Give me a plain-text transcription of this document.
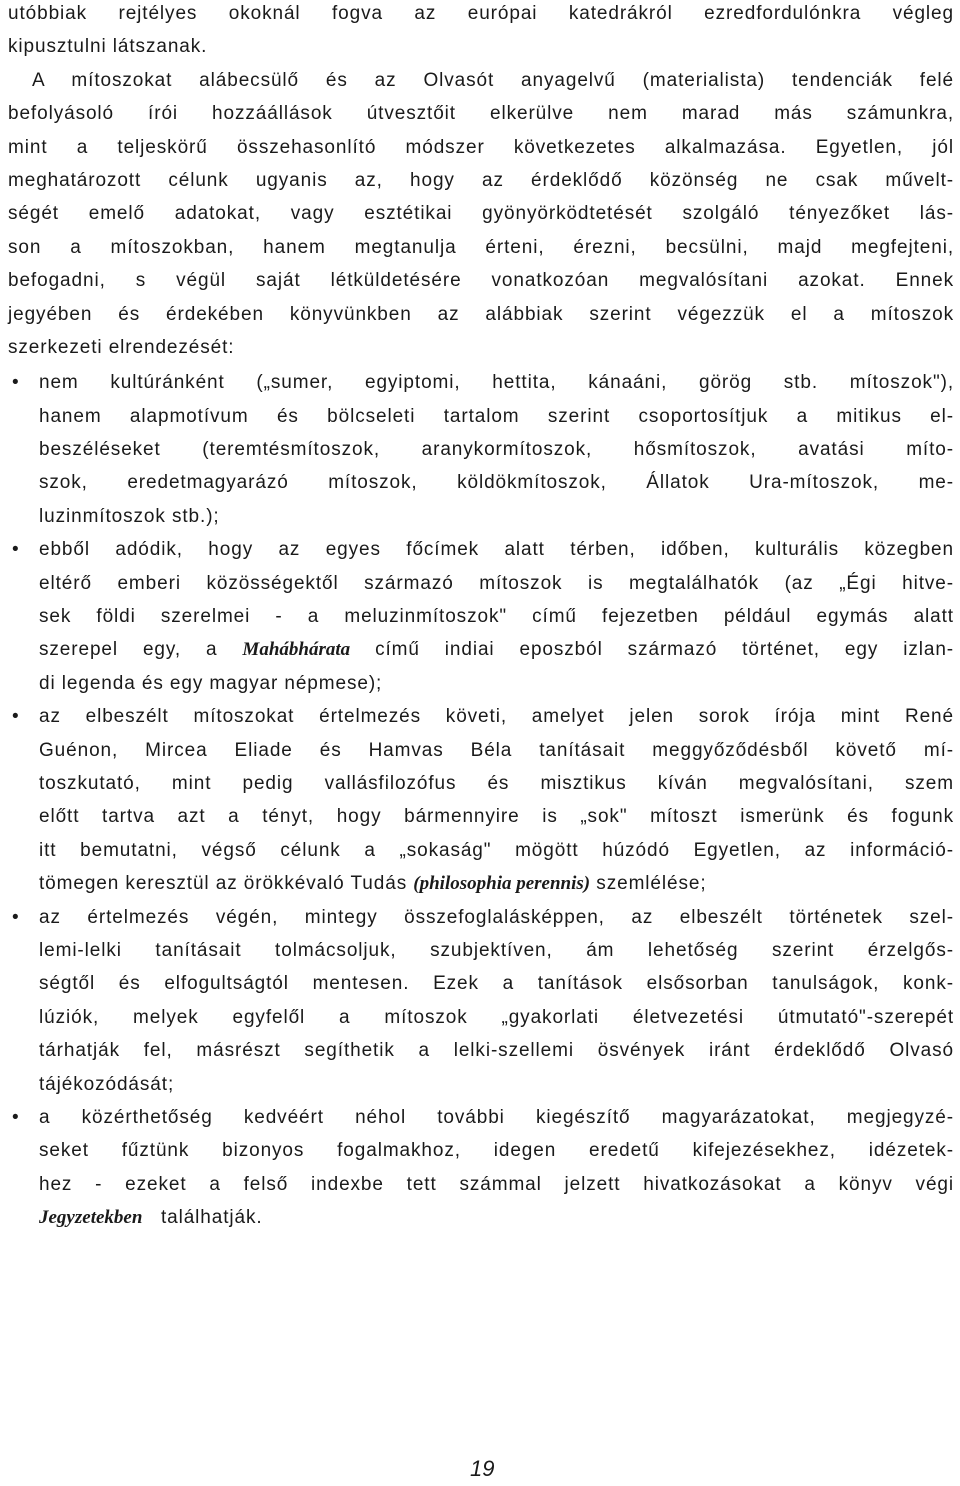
utóbbiak rejtélyes okoknál fogva az európai katedrákról ezredfordulónkra végleg
kipusztulni látszanak.
A mítoszokat alábecsülő és az Olvasót anyagelvű (materialista) tendenciák felé
befolyásoló írói hozzáállások útvesztőit elkerülve nem marad más számunkra,
mint a teljeskörű összehasonlító módszer következetes alkalmazása. Egyetlen, jól
meghatározott célunk ugyanis az, hogy az érdeklődő közönség ne csak művelt-
ségét emelő adatokat, vagy esztétikai gyönyörködtetését szolgáló tényezőket lás-
son a mítoszokban, hanem megtanulja érteni, érezni, becsülni, majd megfejteni,
befogadni, s végül saját létküldetésére vonatkozóan megvalósítani azokat. Ennek
jegyében és érdekében könyvünkben az alábbiak szerint végezzük el a mítoszok
szerkezeti elrendezését:
• nem kultúránként („sumer, egyiptomi, hettita, kánaáni, görög stb. mítoszok"),
hanem alapmotívum és bölcseleti tartalom szerint csoportosítjuk a mitikus el-
beszéléseket (teremtésmítoszok, aranykormítoszok, hősmítoszok, avatási míto-
szok, eredetmagyarázó mítoszok, köldökmítoszok, Állatok Ura-mítoszok, me-
luzinmítoszok stb.);
• ebből adódik, hogy az egyes főcímek alatt térben, időben, kulturális közegben
eltérő emberi közösségektől származó mítoszok is megtalálhatók (az „Égi hitve-
sek földi szerelmei - a meluzinmítoszok" című fejezetben például egymás alatt
szerepel egy, a Mahábhárata című indiai eposzból származó történet, egy izlan-
di legenda és egy magyar népmese);
• az elbeszélt mítoszokat értelmezés követi, amelyet jelen sorok írója mint René
Guénon, Mircea Eliade és Hamvas Béla tanításait meggyőződésből követő mí-
toszkutató, mint pedig vallásfilozófus és misztikus kíván megvalósítani, szem
előtt tartva azt a tényt, hogy bármennyire is „sok" mítoszt ismerünk és fogunk
itt bemutatni, végső célunk a „sokaság" mögött húzódó Egyetlen, az információ-
tömegen keresztül az örökkévaló Tudás (philosophia perennis) szemlélése;
• az értelmezés végén, mintegy összefoglalásképpen, az elbeszélt történetek szel-
lemi-lelki tanításait tolmácsoljuk, szubjektíven, ám lehetőség szerint érzelgős-
ségtől és elfogultságtól mentesen. Ezek a tanítások elsősorban tanulságok, konk-
lúziók, melyek egyfelől a mítoszok „gyakorlati életvezetési útmutató"-szerepét
tárhatják fel, másrészt segíthetik a lelki-szellemi ösvények iránt érdeklődő Olvasó
tájékozódását;
• a közérthetőség kedvéért néhol további kiegészítő magyarázatokat, megjegyzé-
seket fűztünk bizonyos fogalmakhoz, idegen eredetű kifejezésekhez, idézetek-
hez - ezeket a felső indexbe tett számmal jelzett hivatkozásokat a könyv végi
Jegyzetekben   találhatják.
19
